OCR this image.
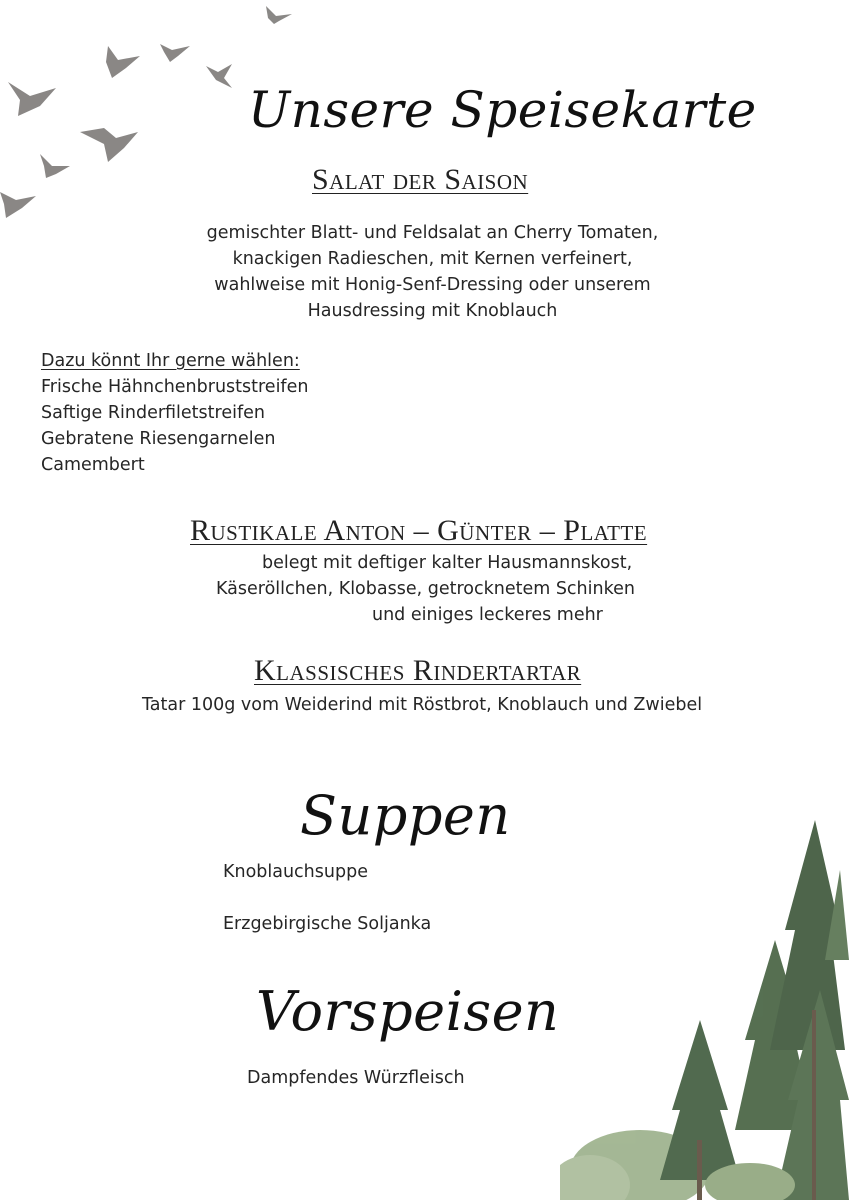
Unsere Speisekarte
Salat der Saison
gemischter Blatt- und Feldsalat an Cherry Tomaten,
knackigen Radieschen, mit Kernen verfeinert,
wahlweise mit Honig-Senf-Dressing oder unserem
Hausdressing mit Knoblauch
Dazu könnt Ihr gerne wählen:
Frische Hähnchenbruststreifen
Saftige Rinderfiletstreifen
Gebratene Riesengarnelen
Camembert
Rustikale Anton – Günter – Platte
belegt mit deftiger kalter Hausmannskost,
Käseröllchen, Klobasse, getrocknetem Schinken
und einiges leckeres mehr
Klassisches Rindertartar
Tatar 100g vom Weiderind mit Röstbrot, Knoblauch und Zwiebel
Suppen
Knoblauchsuppe
Erzgebirgische Soljanka
Vorspeisen
Dampfendes Würzfleisch
